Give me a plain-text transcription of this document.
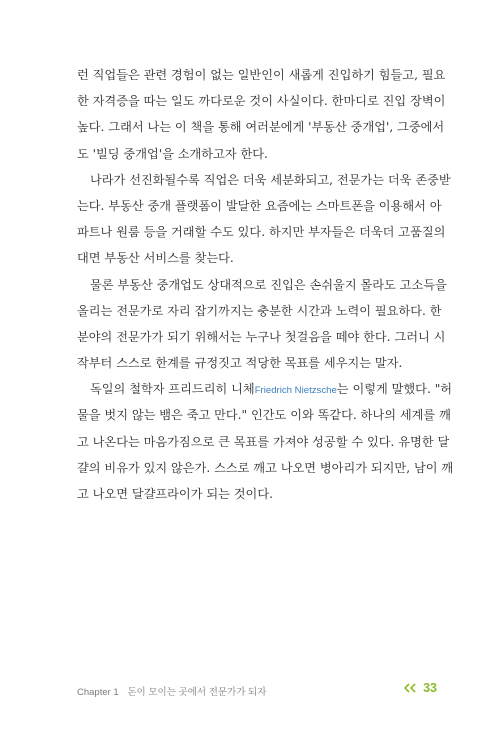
런 직업들은 관련 경험이 없는 일반인이 새롭게 진입하기 힘들고, 필요
한 자격증을 따는 일도 까다로운 것이 사실이다. 한마디로 진입 장벽이
높다. 그래서 나는 이 책을 통해 여러분에게 '부동산 중개업', 그중에서
도 '빌딩 중개업'을 소개하고자 한다.
나라가 선진화될수록 직업은 더욱 세분화되고, 전문가는 더욱 존중받
는다. 부동산 중개 플랫폼이 발달한 요즘에는 스마트폰을 이용해서 아
파트나 원룸 등을 거래할 수도 있다. 하지만 부자들은 더욱더 고품질의
대면 부동산 서비스를 찾는다.
물론 부동산 중개업도 상대적으로 진입은 손쉬울지 몰라도 고소득을
올리는 전문가로 자리 잡기까지는 충분한 시간과 노력이 필요하다. 한
분야의 전문가가 되기 위해서는 누구나 첫걸음을 떼야 한다. 그러니 시
작부터 스스로 한계를 규정짓고 적당한 목표를 세우지는 말자.
독일의 철학자 프리드리히 니체Friedrich Nietzsche는 이렇게 말했다. "허
물을 벗지 않는 뱀은 죽고 만다." 인간도 이와 똑같다. 하나의 세계를 깨
고 나온다는 마음가짐으로 큰 목표를 가져야 성공할 수 있다. 유명한 달
걀의 비유가 있지 않은가. 스스로 깨고 나오면 병아리가 되지만, 남이 깨
고 나오면 달걀프라이가 되는 것이다.
Chapter 1 돈이 모이는 곳에서 전문가가 되자	33
